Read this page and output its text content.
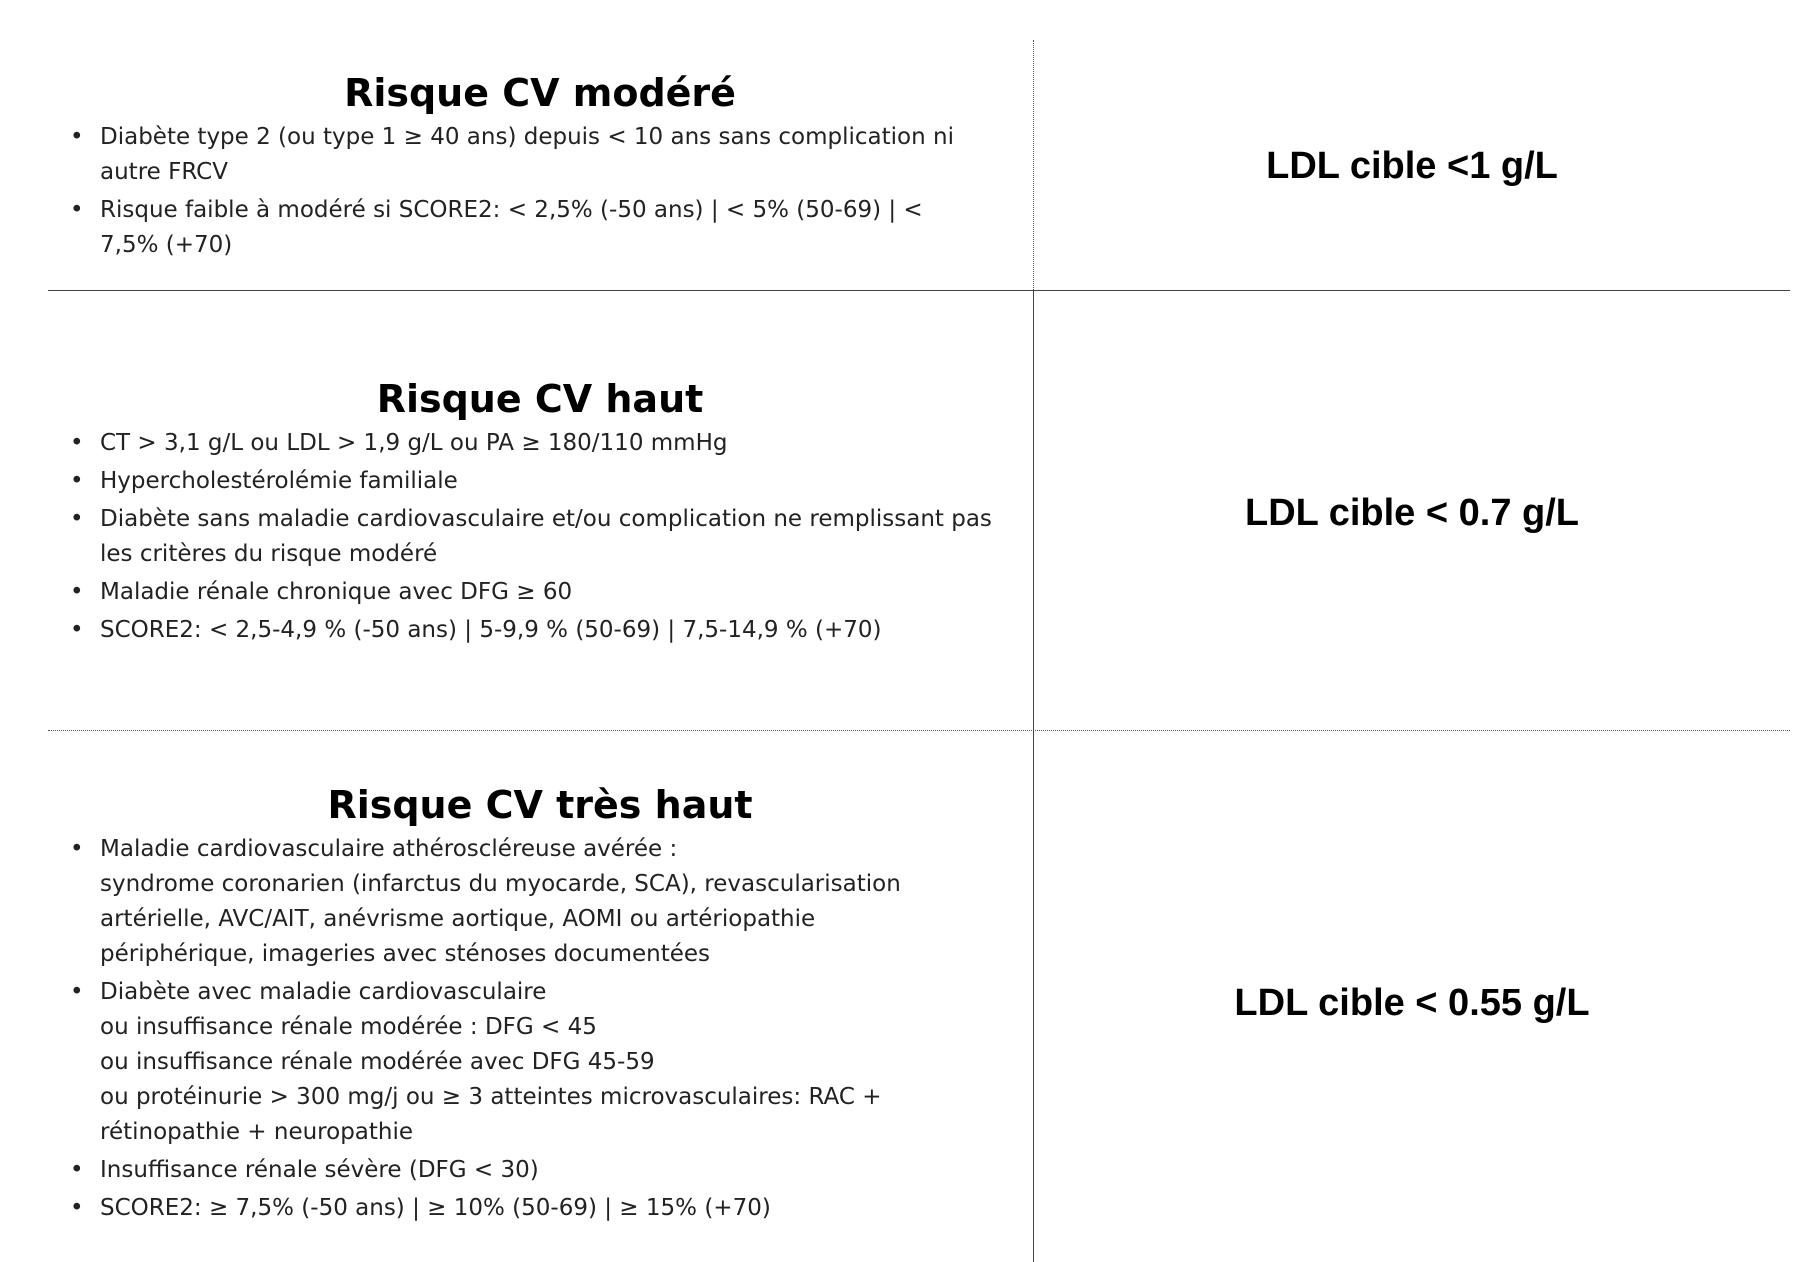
Risque CV modéré
• Diabète type 2 (ou type 1 ≥ 40 ans) depuis < 10 ans sans complication ni autre FRCV
• Risque faible à modéré si SCORE2: < 2,5% (-50 ans) | < 5% (50-69) | < 7,5% (+70)
LDL cible <1 g/L
Risque CV haut
• CT > 3,1 g/L ou LDL > 1,9 g/L ou PA ≥ 180/110 mmHg
• Hypercholestérolémie familiale
• Diabète sans maladie cardiovasculaire et/ou complication ne remplissant pas les critères du risque modéré
• Maladie rénale chronique avec DFG ≥ 60
• SCORE2: < 2,5-4,9 % (-50 ans) | 5-9,9 % (50-69) | 7,5-14,9 % (+70)
LDL cible < 0.7 g/L
Risque CV très haut
• Maladie cardiovasculaire athéroscléreuse avérée :
syndrome coronarien (infarctus du myocarde, SCA), revascularisation artérielle, AVC/AIT, anévrisme aortique, AOMI ou artériopathie périphérique, imageries avec sténoses documentées
• Diabète avec maladie cardiovasculaire
ou insuffisance rénale modérée : DFG < 45
ou insuffisance rénale modérée avec DFG 45-59
ou protéinurie > 300 mg/j ou ≥ 3 atteintes microvasculaires: RAC + rétinopathie + neuropathie
• Insuffisance rénale sévère (DFG < 30)
• SCORE2: ≥ 7,5% (-50 ans) | ≥ 10% (50-69) | ≥ 15% (+70)
LDL cible < 0.55 g/L
